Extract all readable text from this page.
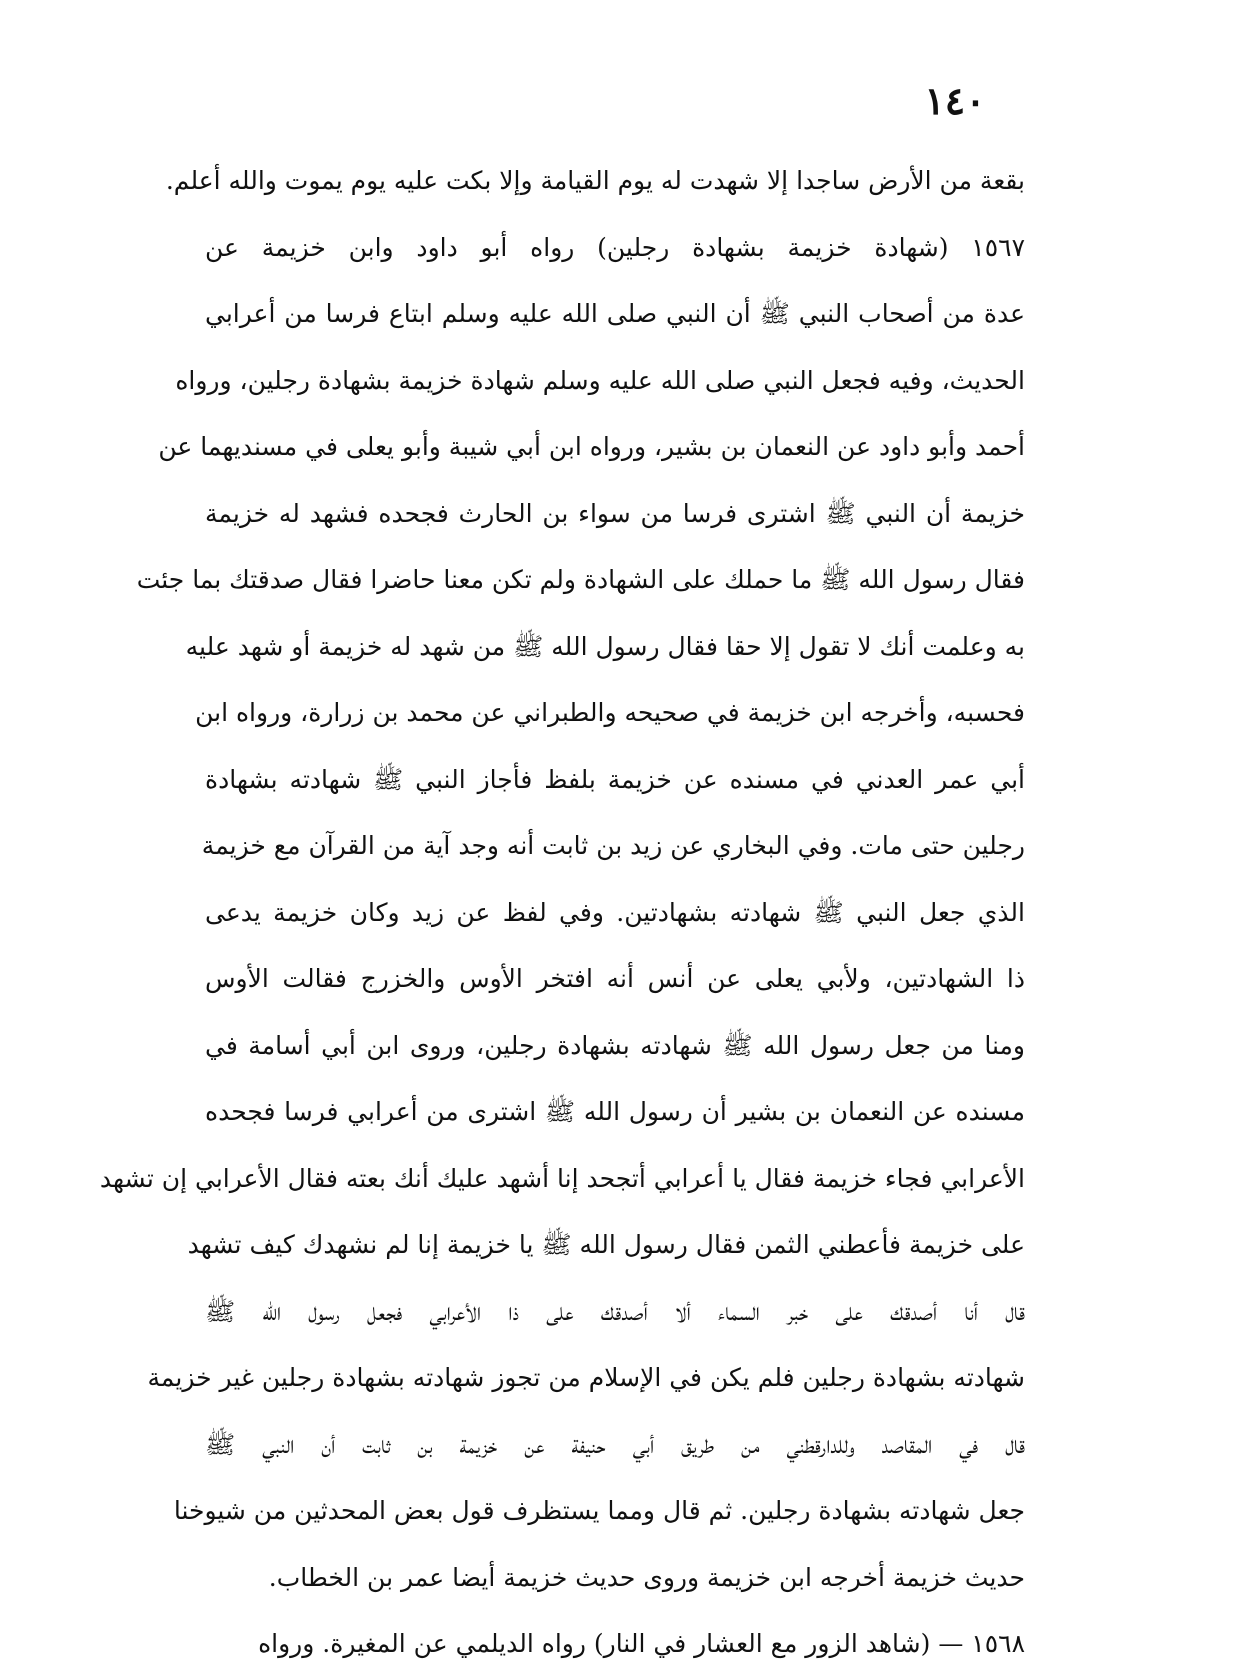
١٤٠
بقعة من الأرض ساجدا إلا شهدت له يوم القيامة وإلا بكت عليه يوم يموت والله أعلم.
١٥٦٧ (شهادة خزيمة بشهادة رجلين) رواه أبو داود وابن خزيمة عن
عدة من أصحاب النبي ﷺ أن النبي صلى الله عليه وسلم ابتاع فرسا من أعرابي
الحديث، وفيه فجعل النبي صلى الله عليه وسلم شهادة خزيمة بشهادة رجلين، ورواه
أحمد وأبو داود عن النعمان بن بشير، ورواه ابن أبي شيبة وأبو يعلى في مسنديهما عن
خزيمة أن النبي ﷺ اشترى فرسا من سواء بن الحارث فجحده فشهد له خزيمة
فقال رسول الله ﷺ ما حملك على الشهادة ولم تكن معنا حاضرا فقال صدقتك بما جئت
به وعلمت أنك لا تقول إلا حقا فقال رسول الله ﷺ من شهد له خزيمة أو شهد عليه
فحسبه، وأخرجه ابن خزيمة في صحيحه والطبراني عن محمد بن زرارة، ورواه ابن
أبي عمر العدني في مسنده عن خزيمة بلفظ فأجاز النبي ﷺ شهادته بشهادة
رجلين حتى مات. وفي البخاري عن زيد بن ثابت أنه وجد آية من القرآن مع خزيمة
الذي جعل النبي ﷺ شهادته بشهادتين. وفي لفظ عن زيد وكان خزيمة يدعى
ذا الشهادتين، ولأبي يعلى عن أنس أنه افتخر الأوس والخزرج فقالت الأوس
ومنا من جعل رسول الله ﷺ شهادته بشهادة رجلين، وروى ابن أبي أسامة في
مسنده عن النعمان بن بشير أن رسول الله ﷺ اشترى من أعرابي فرسا فجحده
الأعرابي فجاء خزيمة فقال يا أعرابي أتجحد إنا أشهد عليك أنك بعته فقال الأعرابي إن تشهد
على خزيمة فأعطني الثمن فقال رسول الله ﷺ يا خزيمة إنا لم نشهدك كيف تشهد
قال أنا أصدقك على خبر السماء ألا أصدقك على ذا الأعرابي فجعل رسول الله ﷺ
شهادته بشهادة رجلين فلم يكن في الإسلام من تجوز شهادته بشهادة رجلين غير خزيمة
قال في المقاصد وللدارقطني من طريق أبي حنيفة عن خزيمة بن ثابت أن النبي ﷺ
جعل شهادته بشهادة رجلين. ثم قال ومما يستظرف قول بعض المحدثين من شيوخنا
حديث خزيمة أخرجه ابن خزيمة وروى حديث خزيمة أيضا عمر بن الخطاب.
١٥٦٨ — (شاهد الزور مع العشار في النار) رواه الديلمي عن المغيرة. ورواه
